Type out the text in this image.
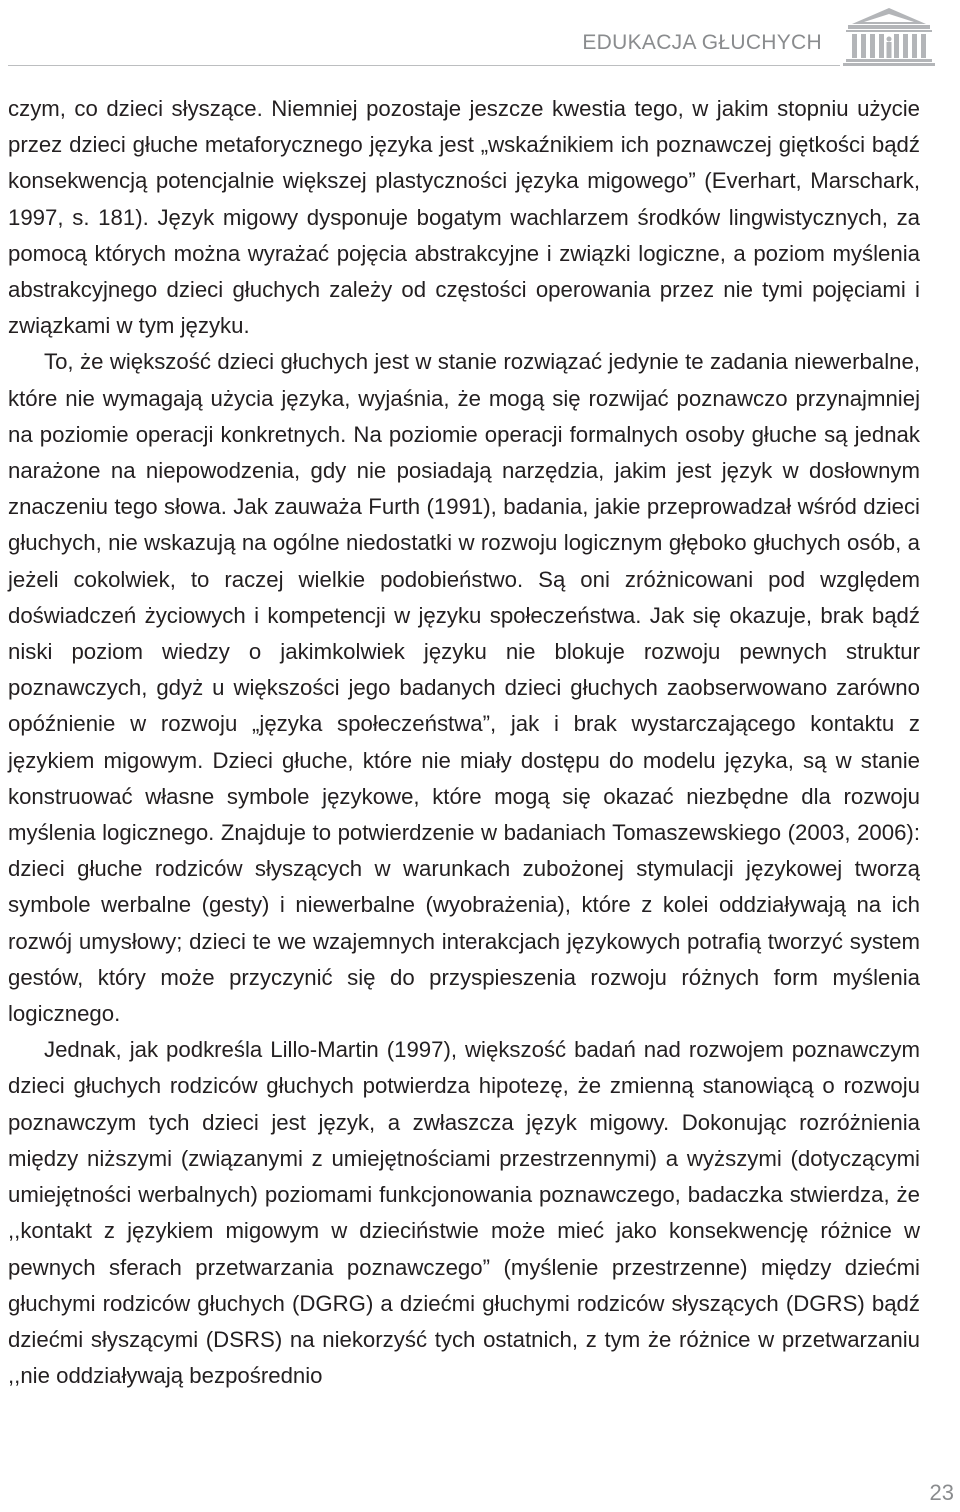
EDUKACJA GŁUCHYCH

czym, co dzieci słyszące. Niemniej pozostaje jeszcze kwestia tego, w jakim stopniu użycie przez dzieci głuche metaforycznego języka jest „wskaźnikiem ich poznawczej giętkości bądź konsekwencją potencjalnie większej plastyczności języka migowego” (Everhart, Marschark, 1997, s. 181). Język migowy dysponuje bogatym wachlarzem środków lingwistycznych, za pomocą których można wyrażać pojęcia abstrakcyjne i związki logiczne, a poziom myślenia abstrakcyjnego dzieci głuchych zależy od częstości operowania przez nie tymi pojęciami i związkami w tym języku.

To, że większość dzieci głuchych jest w stanie rozwiązać jedynie te zadania niewerbalne, które nie wymagają użycia języka, wyjaśnia, że mogą się rozwijać poznawczo przynajmniej na poziomie operacji konkretnych. Na poziomie operacji formalnych osoby głuche są jednak narażone na niepowodzenia, gdy nie posiadają narzędzia, jakim jest język w dosłownym znaczeniu tego słowa. Jak zauważa Furth (1991), badania, jakie przeprowadzał wśród dzieci głuchych, nie wskazują na ogólne niedostatki w rozwoju logicznym głęboko głuchych osób, a jeżeli cokolwiek, to raczej wielkie podobieństwo. Są oni zróżnicowani pod względem doświadczeń życiowych i kompetencji w języku społeczeństwa. Jak się okazuje, brak bądź niski poziom wiedzy o jakimkolwiek języku nie blokuje rozwoju pewnych struktur poznawczych, gdyż u większości jego badanych dzieci głuchych zaobserwowano zarówno opóźnienie w rozwoju „języka społeczeństwa”, jak i brak wystarczającego kontaktu z językiem migowym. Dzieci głuche, które nie miały dostępu do modelu języka, są w stanie konstruować własne symbole językowe, które mogą się okazać niezbędne dla rozwoju myślenia logicznego. Znajduje to potwierdzenie w badaniach Tomaszewskiego (2003, 2006): dzieci głuche rodziców słyszących w warunkach zubożonej stymulacji językowej tworzą symbole werbalne (gesty) i niewerbalne (wyobrażenia), które z kolei oddziaływają na ich rozwój umysłowy; dzieci te we wzajemnych interakcjach językowych potrafią tworzyć system gestów, który może przyczynić się do przyspieszenia rozwoju różnych form myślenia logicznego.

Jednak, jak podkreśla Lillo-Martin (1997), większość badań nad rozwojem poznawczym dzieci głuchych rodziców głuchych potwierdza hipotezę, że zmienną stanowiącą o rozwoju poznawczym tych dzieci jest język, a zwłaszcza język migowy. Dokonując rozróżnienia między niższymi (związanymi z umiejętnościami przestrzennymi) a wyższymi (dotyczącymi umiejętności werbalnych) poziomami funkcjonowania poznawczego, badaczka stwierdza, że ,,kontakt z językiem migowym w dzieciństwie może mieć jako konsekwencję różnice w pewnych sferach przetwarzania poznawczego” (myślenie przestrzenne) między dziećmi głuchymi rodziców głuchych (DGRG) a dziećmi głuchymi rodziców słyszących (DGRS) bądź dziećmi słyszącymi (DSRS) na niekorzyść tych ostatnich, z tym że różnice w przetwarzaniu ,,nie oddziaływają bezpośrednio

23
